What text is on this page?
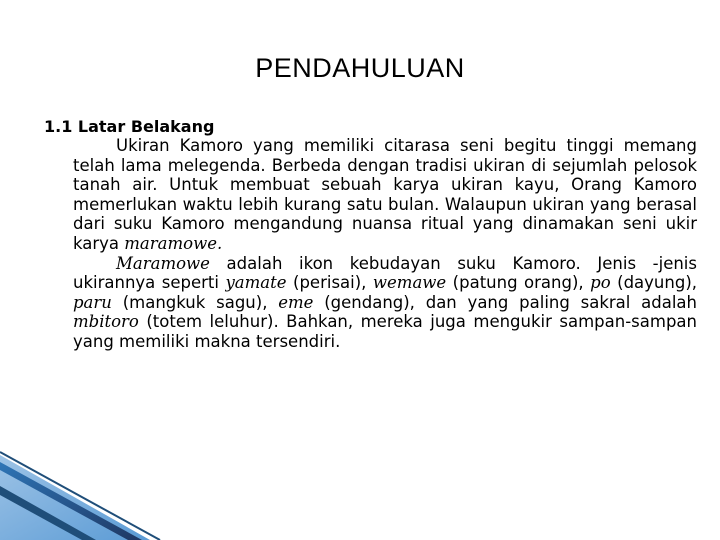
PENDAHULUAN
1.1 Latar Belakang

Ukiran Kamoro yang memiliki citarasa seni begitu tinggi memang telah lama melegenda. Berbeda dengan tradisi ukiran di sejumlah pelosok tanah air. Untuk membuat sebuah karya ukiran kayu, Orang Kamoro memerlukan waktu lebih kurang satu bulan. Walaupun ukiran yang berasal dari suku Kamoro mengandung nuansa ritual yang dinamakan seni ukir karya maramowe.

Maramowe adalah ikon kebudayan suku Kamoro. Jenis -jenis ukirannya seperti yamate (perisai), wemawe (patung orang), po (dayung), paru (mangkuk sagu), eme (gendang), dan yang paling sakral adalah mbitoro (totem leluhur). Bahkan, mereka juga mengukir sampan-sampan yang memiliki makna tersendiri.
